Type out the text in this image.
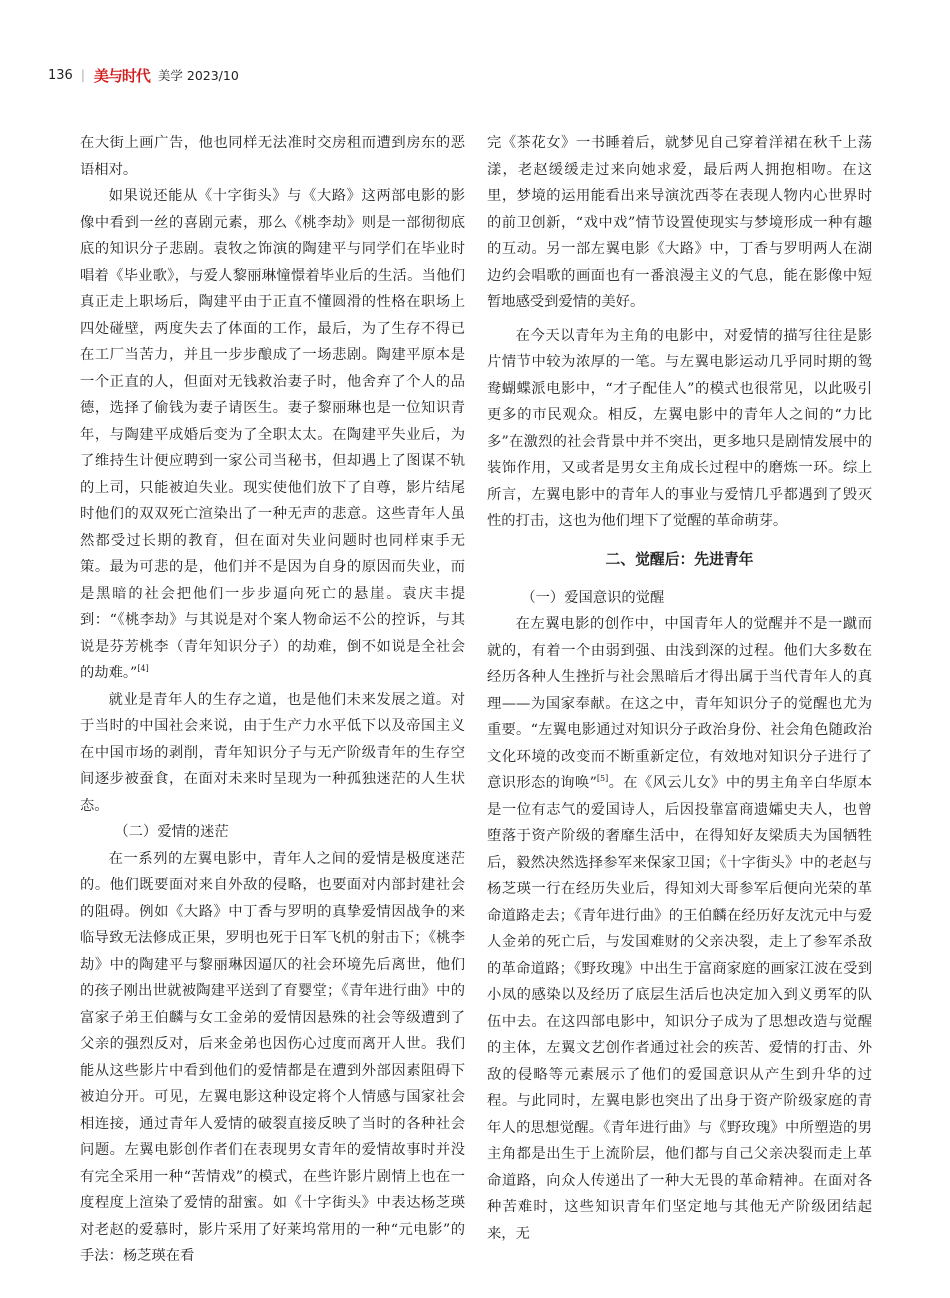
136 | 美与时代 美学 2023/10

在大街上画广告，他也同样无法准时交房租而遭到房东的恶语相对。

如果说还能从《十字街头》与《大路》这两部电影的影像中看到一丝的喜剧元素，那么《桃李劫》则是一部彻彻底底的知识分子悲剧。袁牧之饰演的陶建平与同学们在毕业时唱着《毕业歌》，与爱人黎丽琳憧憬着毕业后的生活。当他们真正走上职场后，陶建平由于正直不懂圆滑的性格在职场上四处碰壁，两度失去了体面的工作，最后，为了生存不得已在工厂当苦力，并且一步步酿成了一场悲剧。陶建平原本是一个正直的人，但面对无钱救治妻子时，他舍弃了个人的品德，选择了偷钱为妻子请医生。妻子黎丽琳也是一位知识青年，与陶建平成婚后变为了全职太太。在陶建平失业后，为了维持生计便应聘到一家公司当秘书，但却遇上了图谋不轨的上司，只能被迫失业。现实使他们放下了自尊，影片结尾时他们的双双死亡渲染出了一种无声的悲意。这些青年人虽然都受过长期的教育，但在面对失业问题时也同样束手无策。最为可悲的是，他们并不是因为自身的原因而失业，而是黑暗的社会把他们一步步逼向死亡的悬崖。袁庆丰提到：“《桃李劫》与其说是对个案人物命运不公的控诉，与其说是芬芳桃李（青年知识分子）的劫难，倒不如说是全社会的劫难。”[4]

就业是青年人的生存之道，也是他们未来发展之道。对于当时的中国社会来说，由于生产力水平低下以及帝国主义在中国市场的剥削，青年知识分子与无产阶级青年的生存空间逐步被蚕食，在面对未来时呈现为一种孤独迷茫的人生状态。

（二）爱情的迷茫

在一系列的左翼电影中，青年人之间的爱情是极度迷茫的。他们既要面对来自外敌的侵略，也要面对内部封建社会的阻碍。例如《大路》中丁香与罗明的真挚爱情因战争的来临导致无法修成正果，罗明也死于日军飞机的射击下；《桃李劫》中的陶建平与黎丽琳因逼仄的社会环境先后离世，他们的孩子刚出世就被陶建平送到了育婴堂；《青年进行曲》中的富家子弟王伯麟与女工金弟的爱情因悬殊的社会等级遭到了父亲的强烈反对，后来金弟也因伤心过度而离开人世。我们能从这些影片中看到他们的爱情都是在遭到外部因素阻碍下被迫分开。可见，左翼电影这种设定将个人情感与国家社会相连接，通过青年人爱情的破裂直接反映了当时的各种社会问题。左翼电影创作者们在表现男女青年的爱情故事时并没有完全采用一种“苦情戏”的模式，在些许影片剧情上也在一度程度上渲染了爱情的甜蜜。如《十字街头》中表达杨芝瑛对老赵的爱慕时，影片采用了好莱坞常用的一种“元电影”的手法：杨芝瑛在看

完《茶花女》一书睡着后，就梦见自己穿着洋裙在秋千上荡漾，老赵缓缓走过来向她求爱，最后两人拥抱相吻。在这里，梦境的运用能看出来导演沈西苓在表现人物内心世界时的前卫创新，“戏中戏”情节设置使现实与梦境形成一种有趣的互动。另一部左翼电影《大路》中，丁香与罗明两人在湖边约会唱歌的画面也有一番浪漫主义的气息，能在影像中短暂地感受到爱情的美好。

在今天以青年为主角的电影中，对爱情的描写往往是影片情节中较为浓厚的一笔。与左翼电影运动几乎同时期的鸳鸯蝴蝶派电影中，“才子配佳人”的模式也很常见，以此吸引更多的市民观众。相反，左翼电影中的青年人之间的“力比多”在激烈的社会背景中并不突出，更多地只是剧情发展中的装饰作用，又或者是男女主角成长过程中的磨炼一环。综上所言，左翼电影中的青年人的事业与爱情几乎都遇到了毁灭性的打击，这也为他们埋下了觉醒的革命萌芽。

二、觉醒后：先进青年
（一）爱国意识的觉醒

在左翼电影的创作中，中国青年人的觉醒并不是一蹴而就的，有着一个由弱到强、由浅到深的过程。他们大多数在经历各种人生挫折与社会黑暗后才得出属于当代青年人的真理——为国家奉献。在这之中，青年知识分子的觉醒也尤为重要。“左翼电影通过对知识分子政治身份、社会角色随政治文化环境的改变而不断重新定位，有效地对知识分子进行了意识形态的询唤”[5]。在《风云儿女》中的男主角辛白华原本是一位有志气的爱国诗人，后因投靠富商遗孀史夫人，也曾堕落于资产阶级的奢靡生活中，在得知好友梁质夫为国牺牲后，毅然决然选择参军来保家卫国；《十字街头》中的老赵与杨芝瑛一行在经历失业后，得知刘大哥参军后便向光荣的革命道路走去；《青年进行曲》的王伯麟在经历好友沈元中与爱人金弟的死亡后，与发国难财的父亲决裂，走上了参军杀敌的革命道路；《野玫瑰》中出生于富商家庭的画家江波在受到小凤的感染以及经历了底层生活后也决定加入到义勇军的队伍中去。在这四部电影中，知识分子成为了思想改造与觉醒的主体，左翼文艺创作者通过社会的疾苦、爱情的打击、外敌的侵略等元素展示了他们的爱国意识从产生到升华的过程。与此同时，左翼电影也突出了出身于资产阶级家庭的青年人的思想觉醒。《青年进行曲》与《野玫瑰》中所塑造的男主角都是出生于上流阶层，他们都与自己父亲决裂而走上革命道路，向众人传递出了一种大无畏的革命精神。在面对各种苦难时，这些知识青年们坚定地与其他无产阶级团结起来，无
